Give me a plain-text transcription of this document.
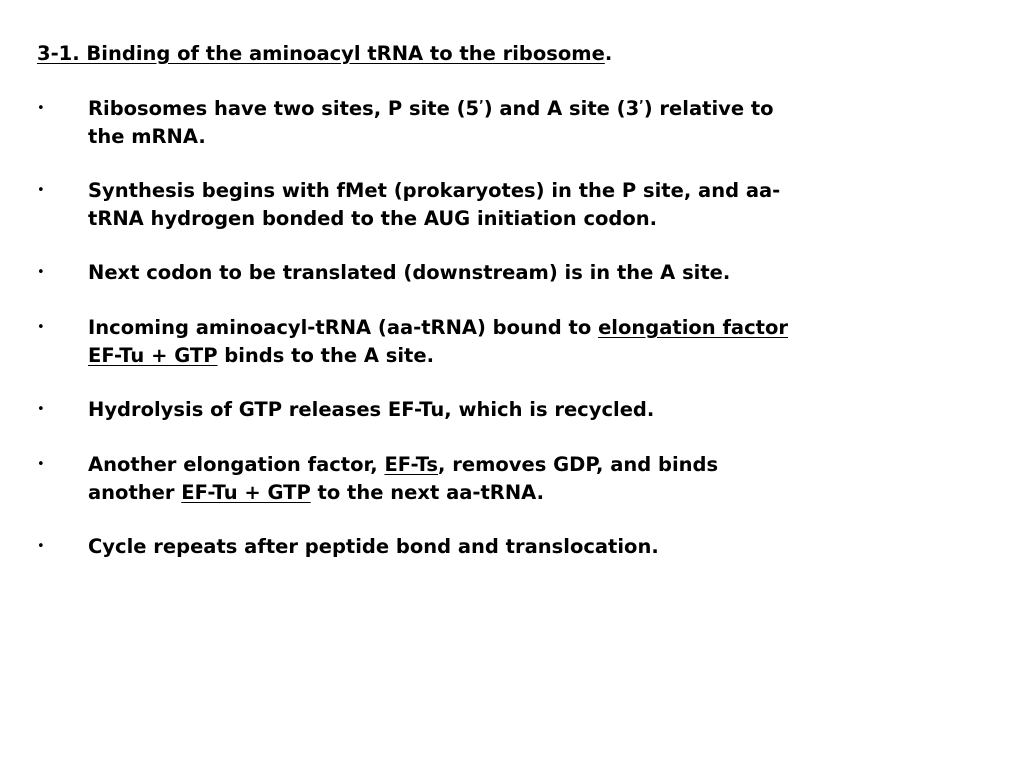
3-1. Binding of the aminoacyl tRNA to the ribosome.
• Ribosomes have two sites, P site (5’) and A site (3’) relative to
the mRNA.
• Synthesis begins with fMet (prokaryotes) in the P site, and aa-
tRNA hydrogen bonded to the AUG initiation codon.
• Next codon to be translated (downstream) is in the A site.
• Incoming aminoacyl-tRNA (aa-tRNA) bound to elongation factor
EF-Tu + GTP binds to the A site.
• Hydrolysis of GTP releases EF-Tu, which is recycled.
• Another elongation factor, EF-Ts, removes GDP, and binds
another EF-Tu + GTP to the next aa-tRNA.
• Cycle repeats after peptide bond and translocation.
